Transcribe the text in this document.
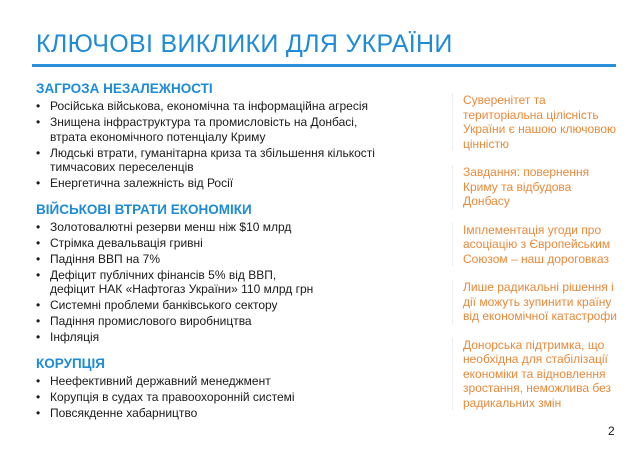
КЛЮЧОВІ ВИКЛИКИ ДЛЯ УКРАЇНИ
ЗАГРОЗА НЕЗАЛЕЖНОСТІ
• Російська військова, економічна та інформаційна агресія
• Знищена інфраструктура та промисловість на Донбасі,
втрата економічного потенціалу Криму
• Людські втрати, гуманітарна криза та збільшення кількості
тимчасових переселенців
• Енергетична залежність від Росії
ВІЙСЬКОВІ ВТРАТИ ЕКОНОМІКИ
• Золотовалютні резерви менш ніж $10 млрд
• Стрімка девальвація гривні
• Падіння ВВП на 7%
• Дефіцит публічних фінансів 5% від ВВП,
дефіцит НАК «Нафтогаз України» 110 млрд грн
• Системні проблеми банківського сектору
• Падіння промислового виробництва
• Інфляція
КОРУПЦІЯ
• Неефективний державний менеджмент
• Корупція в судах та правоохоронній системі
• Повсякденне хабарництво
Суверенітет та
територіальна цілісність
України є нашою ключовою
цінністю
Завдання: повернення
Криму та відбудова
Донбасу
Імплементація угоди про
асоціацію з Європейським
Союзом – наш дороговказ
Лише радикальні рішення і
дії можуть зупинити країну
від економічної катастрофи
Донорська підтримка, що
необхідна для стабілізації
економіки та відновлення
зростання, неможлива без
радикальних змін
2
